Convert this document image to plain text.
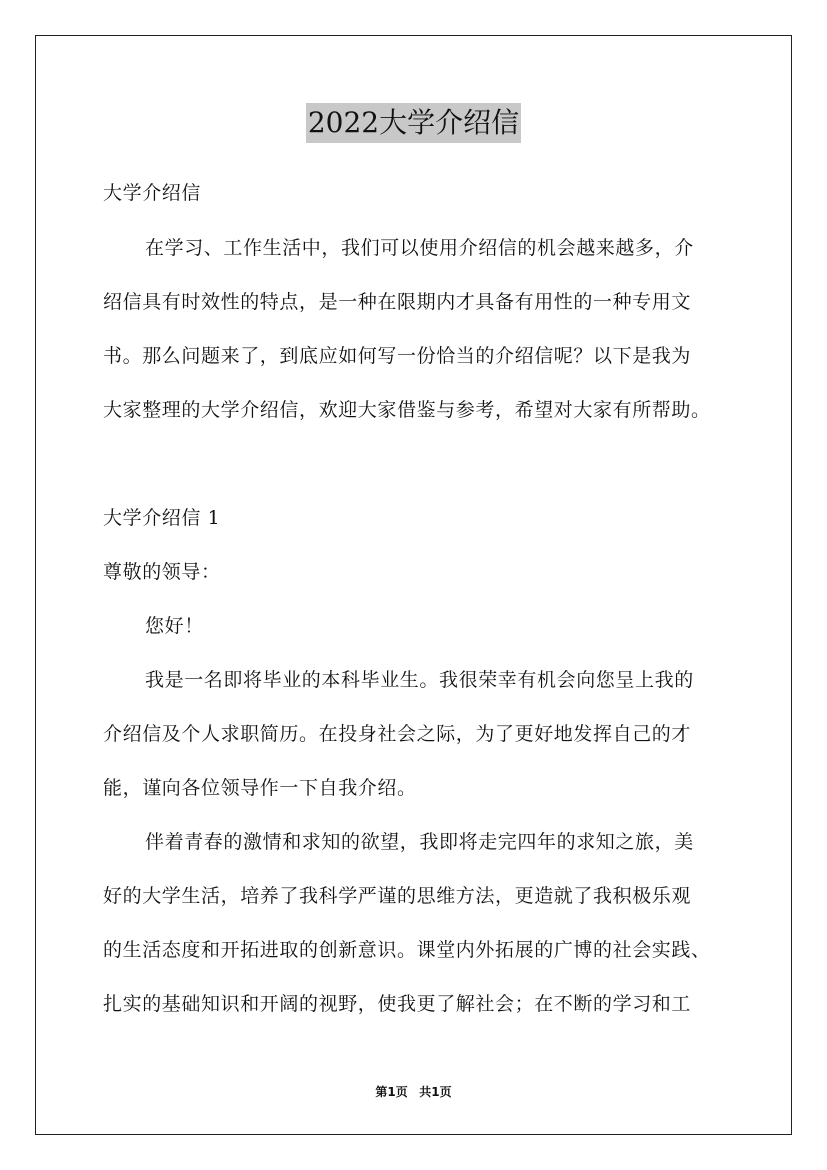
2022大学介绍信
大学介绍信
在学习、工作生活中，我们可以使用介绍信的机会越来越多，介
绍信具有时效性的特点，是一种在限期内才具备有用性的一种专用文
书。那么问题来了，到底应如何写一份恰当的介绍信呢？以下是我为
大家整理的大学介绍信，欢迎大家借鉴与参考，希望对大家有所帮助。
大学介绍信 1
尊敬的领导：
您好！
我是一名即将毕业的本科毕业生。我很荣幸有机会向您呈上我的
介绍信及个人求职简历。在投身社会之际，为了更好地发挥自己的才
能，谨向各位领导作一下自我介绍。
伴着青春的激情和求知的欲望，我即将走完四年的求知之旅，美
好的大学生活，培养了我科学严谨的思维方法，更造就了我积极乐观
的生活态度和开拓进取的创新意识。课堂内外拓展的广博的社会实践、
扎实的基础知识和开阔的视野，使我更了解社会；在不断的学习和工
第1页 共1页
